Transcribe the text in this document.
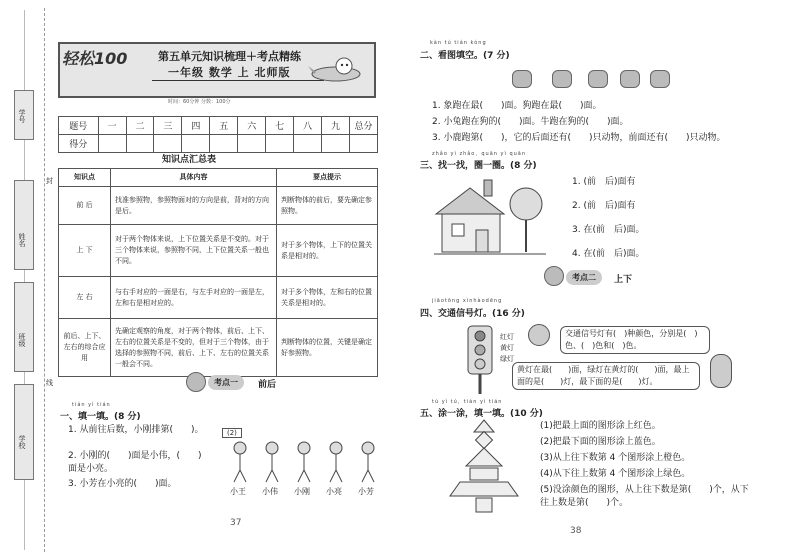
学号
姓名
班级
学校
封
线
轻松100	第五单元知识梳理＋考点精练
一年级 数学 上 北师版
时间：60分钟 分数：100分
题号	一	二	三	四	五	六	七	八	九	总分
得分										
知识点汇总表
知识点	具体内容	要点提示
前 后	找准参照物，参照物面对的方向是前，背对的方向是后。	判断物体的前后，要先确定参照物。
上 下	对于两个物体来说，上下位置关系是不变的。对于三个物体来说，参照物不同，上下位置关系一般也不同。	对于多个物体，上下的位置关系是相对的。
左 右	与右手对应的一面是右，与左手对应的一面是左，左和右是相对应的。	对于多个物体，左和右的位置关系是相对的。
前后、上下、左右的综合应用	先确定观察的角度，对于两个物体，前后、上下、左右的位置关系是不变的，但对于三个物体，由于选择的参照物不同，前后、上下、左右的位置关系一般会不同。	判断物体的位置，关键是确定好参照物。
考点一	前后
tián yì tián
一、填一填。(8 分)
1. 从前往后数，小刚排第(　　)。
2. 小刚的(　　)面是小伟，(　　)面是小亮。
3. 小芳在小亮的(　　)面。
(2)
小王 小伟 小刚 小亮 小芳
37
kàn tú tián kòng
二、看图填空。(7 分)
1. 象跑在最(　　)面。狗跑在最(　　)面。
2. 小兔跑在狗的(　　)面。牛跑在狗的(　　)面。
3. 小鹿跑第(　　)，它的后面还有(　　)只动物，前面还有(　　)只动物。
zhǎo yì zhǎo，quān yì quān
三、找一找，圈一圈。(8 分)
1. (前　后)面有
2. (前　后)面有
3. 在(前　后)面。
4. 在(前　后)面。
考点二	上下
jiāotōng xìnhàodēng
四、交通信号灯。(16 分)
红灯
黄灯
绿灯
交通信号灯有(　)种颜色，分别是(　)色、(　)色和(　)色。
黄灯在最(　　)面，绿灯在黄灯的(　　)面，最上面的是(　　)灯，最下面的是(　　)灯。
tú yì tú，tián yì tián
五、涂一涂，填一填。(10 分)
(1)把最上面的图形涂上红色。
(2)把最下面的图形涂上蓝色。
(3)从上往下数第 4 个图形涂上橙色。
(4)从下往上数第 4 个图形涂上绿色。
(5)没涂颜色的图形，从上往下数是第(　　)个，从下往上数是第(　　)个。
38
